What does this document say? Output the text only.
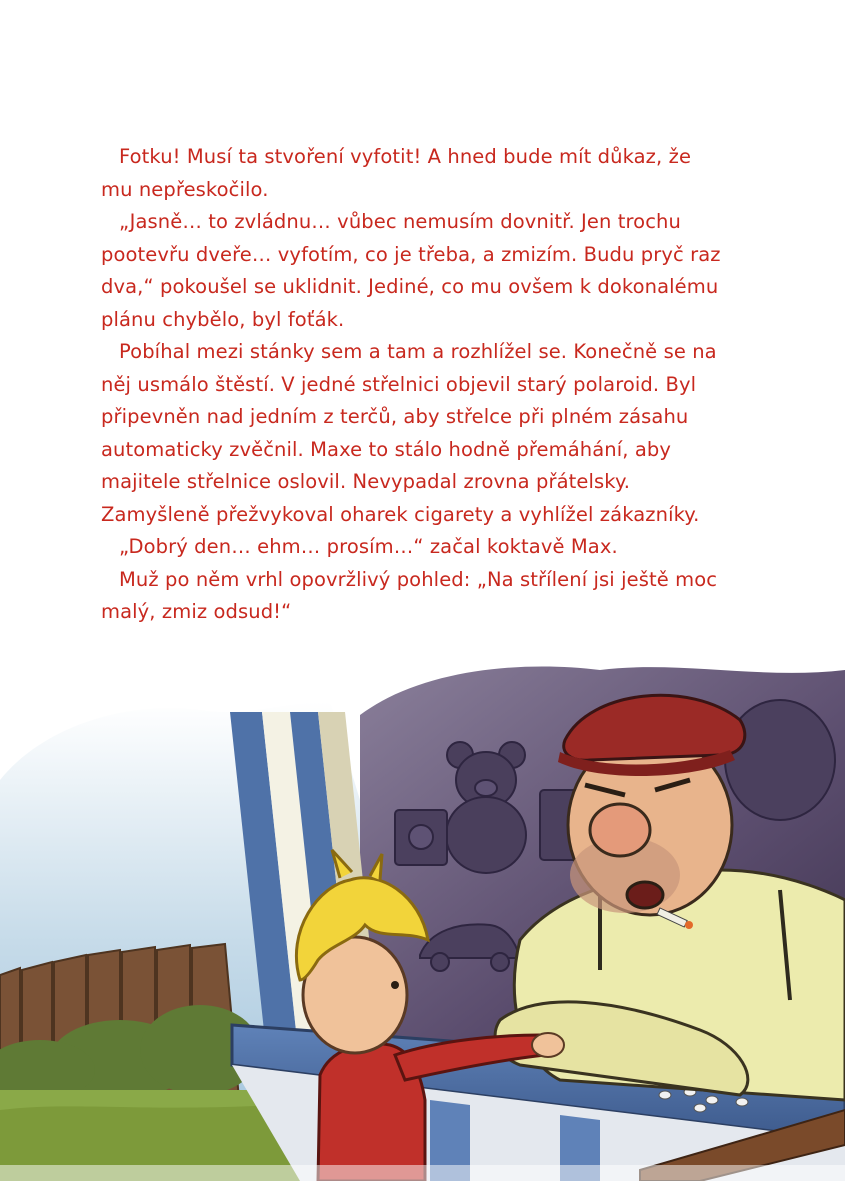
Fotku! Musí ta stvoření vyfotit! A hned bude mít důkaz, že mu nepřeskočilo.

„Jasně… to zvládnu… vůbec nemusím dovnitř. Jen trochu pootevřu dveře… vyfotím, co je třeba, a zmizím. Budu pryč raz dva,“ pokoušel se uklidnit. Jediné, co mu ovšem k dokonalému plánu chybělo, byl foťák.

Pobíhal mezi stánky sem a tam a rozhlížel se. Konečně se na něj usmálo štěstí. V jedné střelnici objevil starý polaroid. Byl připevněn nad jedním z terčů, aby střelce při plném zásahu automaticky zvěčnil. Maxe to stálo hodně přemáhání, aby majitele střelnice oslovil. Nevypadal zrovna přátelsky. Zamyšleně přežvykoval oharek cigarety a vyhlížel zákazníky.

„Dobrý den… ehm… prosím…“ začal koktavě Max.

Muž po něm vrhl opovržlivý pohled: „Na střílení jsi ještě moc malý, zmiz odsud!“
